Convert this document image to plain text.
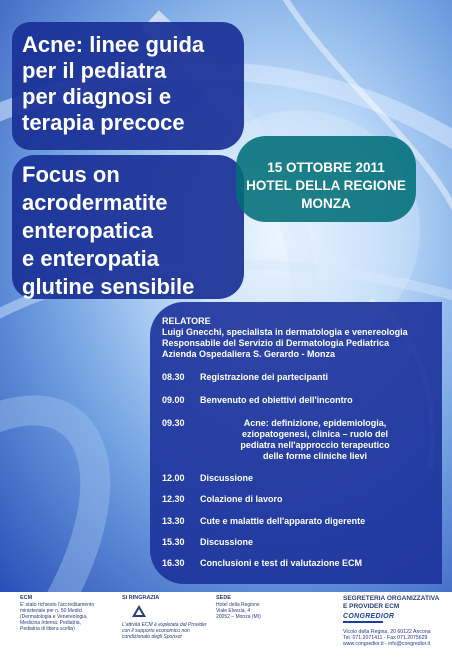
Acne: linee guida
per il pediatra
per diagnosi e
terapia precoce
Focus on
acrodermatite
enteropatica
e enteropatia
glutine sensibile
15 OTTOBRE 2011
HOTEL DELLA REGIONE
MONZA
RELATORE
Luigi Gnecchi, specialista in dermatologia e venereologia
Responsabile del Servizio di Dermatologia Pediatrica
Azienda Ospedaliera S. Gerardo - Monza
08.30	Registrazione dei partecipanti
09.00	Benvenuto ed obiettivi dell'incontro
09.30	Acne: definizione, epidemiologia,
eziopatogenesi, clinica – ruolo del
pediatra nell'approccio terapeutico
delle forme cliniche lievi
12.00	Discussione
12.30	Colazione di lavoro
13.30	Cute e malattie dell'apparato digerente
15.30	Discussione
16.30	Conclusioni e test di valutazione ECM
ECM
E' stato richiesto l'accreditamento
ministeriale per n. 50 Medici
(Dermatologia e Venereologia,
Medicina Interna, Pediatria,
Pediatria di libera scelta)
SI RINGRAZIA
L'attività ECM è espletata dal Provider
con il supporto economico non
condizionato degli Sponsor
SEDE
Hotel della Regione
Viale Elvezia, 4
20052 – Monza (MI)
SEGRETERIA ORGANIZZATIVA
E PROVIDER ECM
CONGREDIOR
Vicolo della Regina, 20 60122 Ancona
Tel. 071.2071411 - Fax 071.2075629
www.congredior.it - info@congredior.it
